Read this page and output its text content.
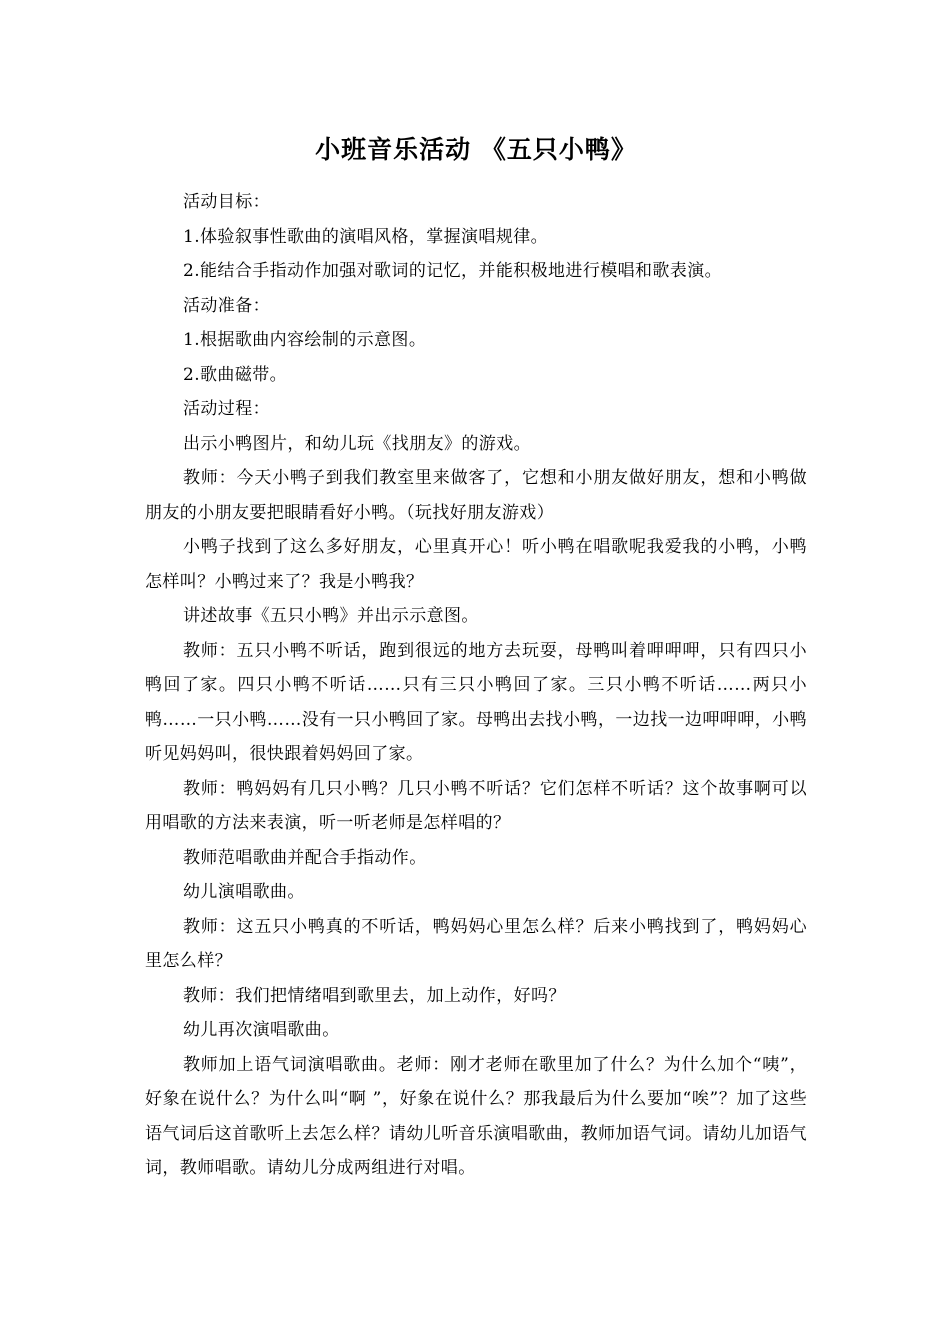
小班音乐活动 《五只小鸭》

活动目标：

1.体验叙事性歌曲的演唱风格，掌握演唱规律。

2.能结合手指动作加强对歌词的记忆，并能积极地进行模唱和歌表演。

活动准备：

1.根据歌曲内容绘制的示意图。

2.歌曲磁带。

活动过程：

出示小鸭图片，和幼儿玩《找朋友》的游戏。

教师：今天小鸭子到我们教室里来做客了，它想和小朋友做好朋友，想和小鸭做朋友的小朋友要把眼睛看好小鸭。（玩找好朋友游戏）

小鸭子找到了这么多好朋友，心里真开心！听小鸭在唱歌呢我爱我的小鸭，小鸭怎样叫？小鸭过来了？我是小鸭我？

讲述故事《五只小鸭》并出示示意图。

教师：五只小鸭不听话，跑到很远的地方去玩耍，母鸭叫着呷呷呷，只有四只小鸭回了家。四只小鸭不听话……只有三只小鸭回了家。三只小鸭不听话……两只小鸭……一只小鸭……没有一只小鸭回了家。母鸭出去找小鸭，一边找一边呷呷呷，小鸭听见妈妈叫，很快跟着妈妈回了家。

教师：鸭妈妈有几只小鸭？几只小鸭不听话？它们怎样不听话？这个故事啊可以用唱歌的方法来表演，听一听老师是怎样唱的？

教师范唱歌曲并配合手指动作。

幼儿演唱歌曲。

教师：这五只小鸭真的不听话，鸭妈妈心里怎么样？后来小鸭找到了，鸭妈妈心里怎么样？

教师：我们把情绪唱到歌里去，加上动作，好吗？

幼儿再次演唱歌曲。

教师加上语气词演唱歌曲。老师：刚才老师在歌里加了什么？为什么加个“咦”，好象在说什么？为什么叫“啊 ”，好象在说什么？那我最后为什么要加“唉”？加了这些语气词后这首歌听上去怎么样？请幼儿听音乐演唱歌曲，教师加语气词。请幼儿加语气词，教师唱歌。请幼儿分成两组进行对唱。
